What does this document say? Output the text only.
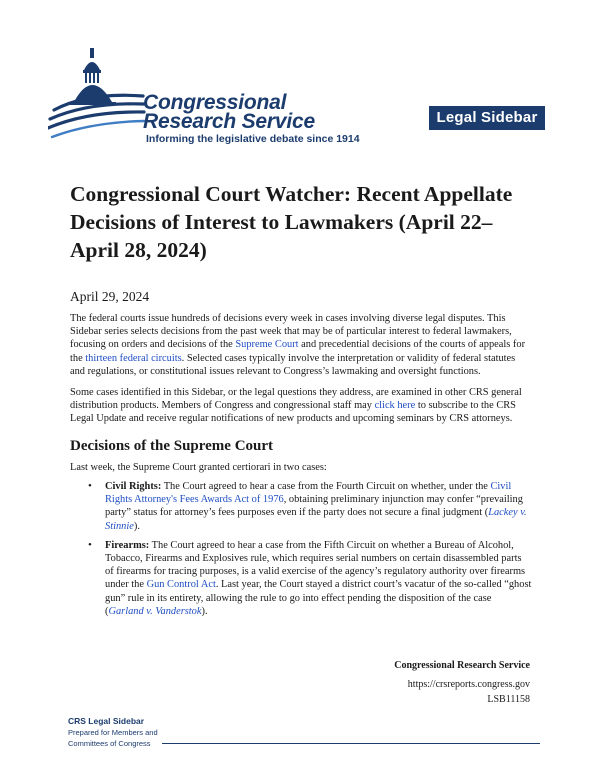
Congressional
Research Service
Informing the legislative debate since 1914
Legal Sidebar
Congressional Court Watcher: Recent Appellate Decisions of Interest to Lawmakers (April 22–April 28, 2024)
April 29, 2024

The federal courts issue hundreds of decisions every week in cases involving diverse legal disputes. This Sidebar series selects decisions from the past week that may be of particular interest to federal lawmakers, focusing on orders and decisions of the Supreme Court and precedential decisions of the courts of appeals for the thirteen federal circuits. Selected cases typically involve the interpretation or validity of federal statutes and regulations, or constitutional issues relevant to Congress’s lawmaking and oversight functions.

Some cases identified in this Sidebar, or the legal questions they address, are examined in other CRS general distribution products. Members of Congress and congressional staff may click here to subscribe to the CRS Legal Update and receive regular notifications of new products and upcoming seminars by CRS attorneys.

Decisions of the Supreme Court

Last week, the Supreme Court granted certiorari in two cases:

• Civil Rights: The Court agreed to hear a case from the Fourth Circuit on whether, under the Civil Rights Attorney's Fees Awards Act of 1976, obtaining preliminary injunction may confer “prevailing party” status for attorney’s fees purposes even if the party does not secure a final judgment (Lackey v. Stinnie).
• Firearms: The Court agreed to hear a case from the Fifth Circuit on whether a Bureau of Alcohol, Tobacco, Firearms and Explosives rule, which requires serial numbers on certain disassembled parts of firearms for tracing purposes, is a valid exercise of the agency’s regulatory authority over firearms under the Gun Control Act. Last year, the Court stayed a district court’s vacatur of the so-called “ghost gun” rule in its entirety, allowing the rule to go into effect pending the disposition of the case (Garland v. Vanderstok).
Congressional Research Service
https://crsreports.congress.gov
LSB11158
CRS Legal Sidebar
Prepared for Members and
Committees of Congress
